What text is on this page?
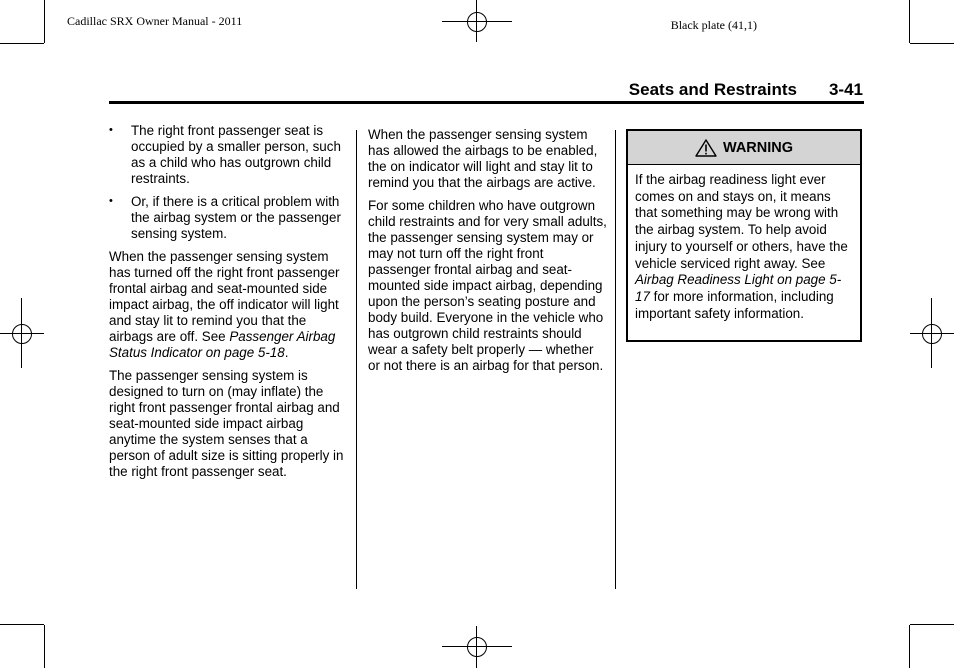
Cadillac SRX Owner Manual - 2011	Black plate (41,1)
Seats and Restraints 3-41
• The right front passenger seat is occupied by a smaller person, such as a child who has outgrown child restraints.
• Or, if there is a critical problem with the airbag system or the passenger sensing system.

When the passenger sensing system has turned off the right front passenger frontal airbag and seat-mounted side impact airbag, the off indicator will light and stay lit to remind you that the airbags are off. See Passenger Airbag Status Indicator on page 5-18.

The passenger sensing system is designed to turn on (may inflate) the right front passenger frontal airbag and seat-mounted side impact airbag anytime the system senses that a person of adult size is sitting properly in the right front passenger seat.

When the passenger sensing system has allowed the airbags to be enabled, the on indicator will light and stay lit to remind you that the airbags are active.

For some children who have outgrown child restraints and for very small adults, the passenger sensing system may or may not turn off the right front passenger frontal airbag and seat-mounted side impact airbag, depending upon the person’s seating posture and body build. Everyone in the vehicle who has outgrown child restraints should wear a safety belt properly — whether or not there is an airbag for that person.

WARNING
If the airbag readiness light ever comes on and stays on, it means that something may be wrong with the airbag system. To help avoid injury to yourself or others, have the vehicle serviced right away. See Airbag Readiness Light on page 5-17 for more information, including important safety information.
